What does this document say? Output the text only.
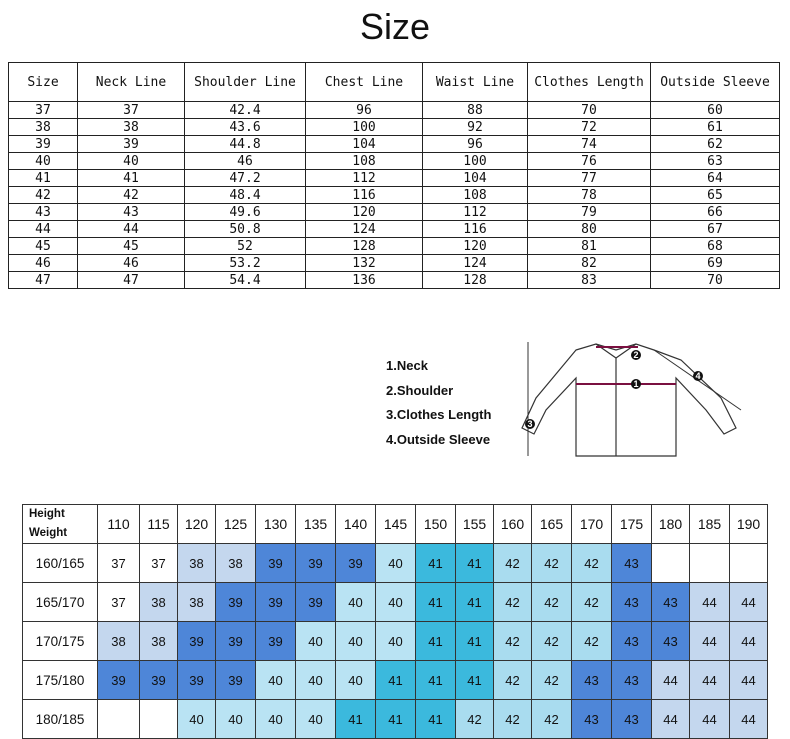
Size
Size	Neck Line	Shoulder Line	Chest Line	Waist Line	Clothes Length	Outside Sleeve
37	37	42.4	96	88	70	60
38	38	43.6	100	92	72	61
39	39	44.8	104	96	74	62
40	40	46	108	100	76	63
41	41	47.2	112	104	77	64
42	42	48.4	116	108	78	65
43	43	49.6	120	112	79	66
44	44	50.8	124	116	80	67
45	45	52	128	120	81	68
46	46	53.2	132	124	82	69
47	47	54.4	136	128	83	70
1.Neck
2.Shoulder
3.Clothes Length
4.Outside Sleeve
1
2
3
4
Height
Weight	110	115	120	125	130	135	140	145	150	155	160	165	170	175	180	185	190
160/165	37	37	38	38	39	39	39	40	41	41	42	42	42	43			
165/170	37	38	38	39	39	39	40	40	41	41	42	42	42	43	43	44	44
170/175	38	38	39	39	39	40	40	40	41	41	42	42	42	43	43	44	44
175/180	39	39	39	39	40	40	40	41	41	41	42	42	43	43	44	44	44
180/185			40	40	40	40	41	41	41	42	42	42	43	43	44	44	44
